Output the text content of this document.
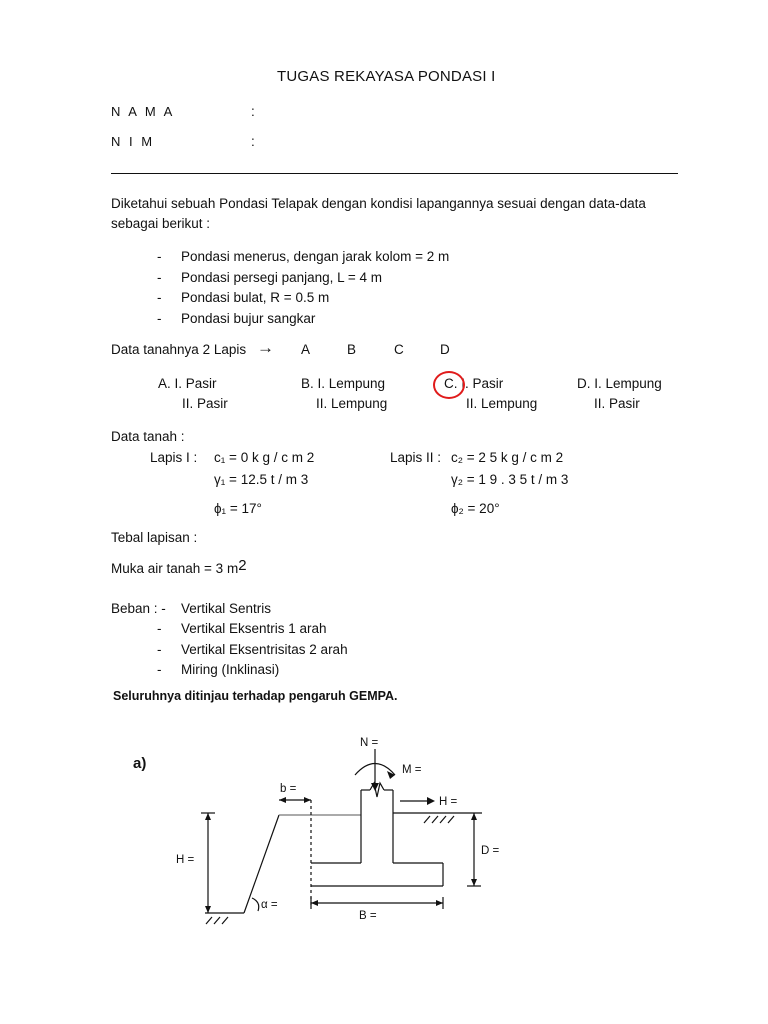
TUGAS REKAYASA PONDASI I
N A M A	:
N I M	:
Diketahui sebuah Pondasi Telapak dengan kondisi lapangannya sesuai dengan data-data
sebagai berikut :
- Pondasi menerus, dengan jarak kolom = 2 m
- Pondasi persegi panjang, L = 4 m
- Pondasi bulat, R = 0.5 m
- Pondasi bujur sangkar
Data tanahnya 2 Lapis → A	B	C	D
A. I. Pasir
II. Pasir
B. I. Lempung
II. Lempung
C. I. Pasir
II. Lempung
D. I. Lempung
II. Pasir
Data tanah :
Lapis I : c₁ = 0 k g / c m 2
γ₁ = 12.5 t / m 3
ϕ₁ = 17°
Lapis II : c₂ = 2 5 k g / c m 2
γ₂ = 1 9 . 3 5 t / m 3
ϕ₂ = 20°
Tebal lapisan :
Muka air tanah = 3 m2
Beban : - Vertikal Sentris
- Vertikal Eksentris 1 arah
- Vertikal Eksentrisitas 2 arah
- Miring (Inklinasi)
Seluruhnya ditinjau terhadap pengaruh GEMPA.
a)
N =
M =
H =
b =
H =
D =
α =
B =
